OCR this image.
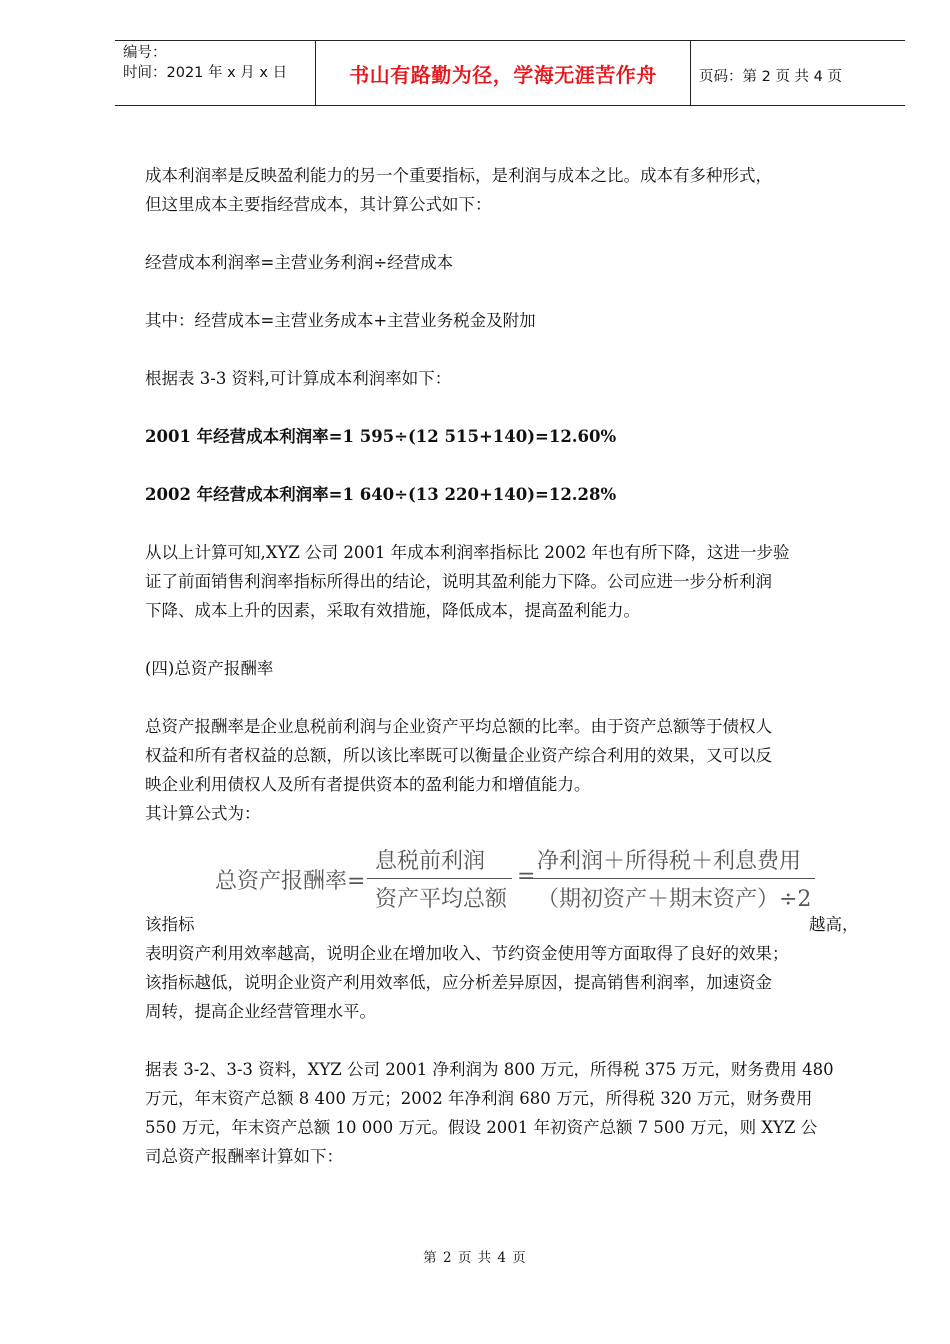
编号：
时间：2021 年 x 月 x 日	书山有路勤为径，学海无涯苦作舟	页码：第 2 页 共 4 页
成本利润率是反映盈利能力的另一个重要指标，是利润与成本之比。成本有多种形式，
但这里成本主要指经营成本，其计算公式如下：
经营成本利润率=主营业务利润÷经营成本
其中：经营成本=主营业务成本+主营业务税金及附加
根据表 3-3 资料,可计算成本利润率如下：
2001 年经营成本利润率=1 595÷(12 515+140)=12.60%
2002 年经营成本利润率=1 640÷(13 220+140)=12.28%
从以上计算可知,XYZ 公司 2001 年成本利润率指标比 2002 年也有所下降，这进一步验
证了前面销售利润率指标所得出的结论，说明其盈利能力下降。公司应进一步分析利润
下降、成本上升的因素，采取有效措施，降低成本，提高盈利能力。
(四)总资产报酬率
总资产报酬率是企业息税前利润与企业资产平均总额的比率。由于资产总额等于债权人
权益和所有者权益的总额，所以该比率既可以衡量企业资产综合利用的效果，又可以反
映企业利用债权人及所有者提供资本的盈利能力和增值能力。
其计算公式为：
该指标	越高，
表明资产利用效率越高，说明企业在增加收入、节约资金使用等方面取得了良好的效果；
该指标越低，说明企业资产利用效率低，应分析差异原因，提高销售利润率，加速资金
周转，提高企业经营管理水平。
据表 3-2、3-3 资料，XYZ 公司 2001 净利润为 800 万元，所得税 375 万元，财务费用 480
万元，年末资产总额 8 400 万元；2002 年净利润 680 万元，所得税 320 万元，财务费用
550 万元，年末资产总额 10 000 万元。假设 2001 年初资产总额 7 500 万元，则 XYZ 公
司总资产报酬率计算如下：
总资产报酬率=
息税前利润
资产平均总额
=
净利润＋所得税＋利息费用
（期初资产＋期末资产）÷2
第 2 页 共 4 页
